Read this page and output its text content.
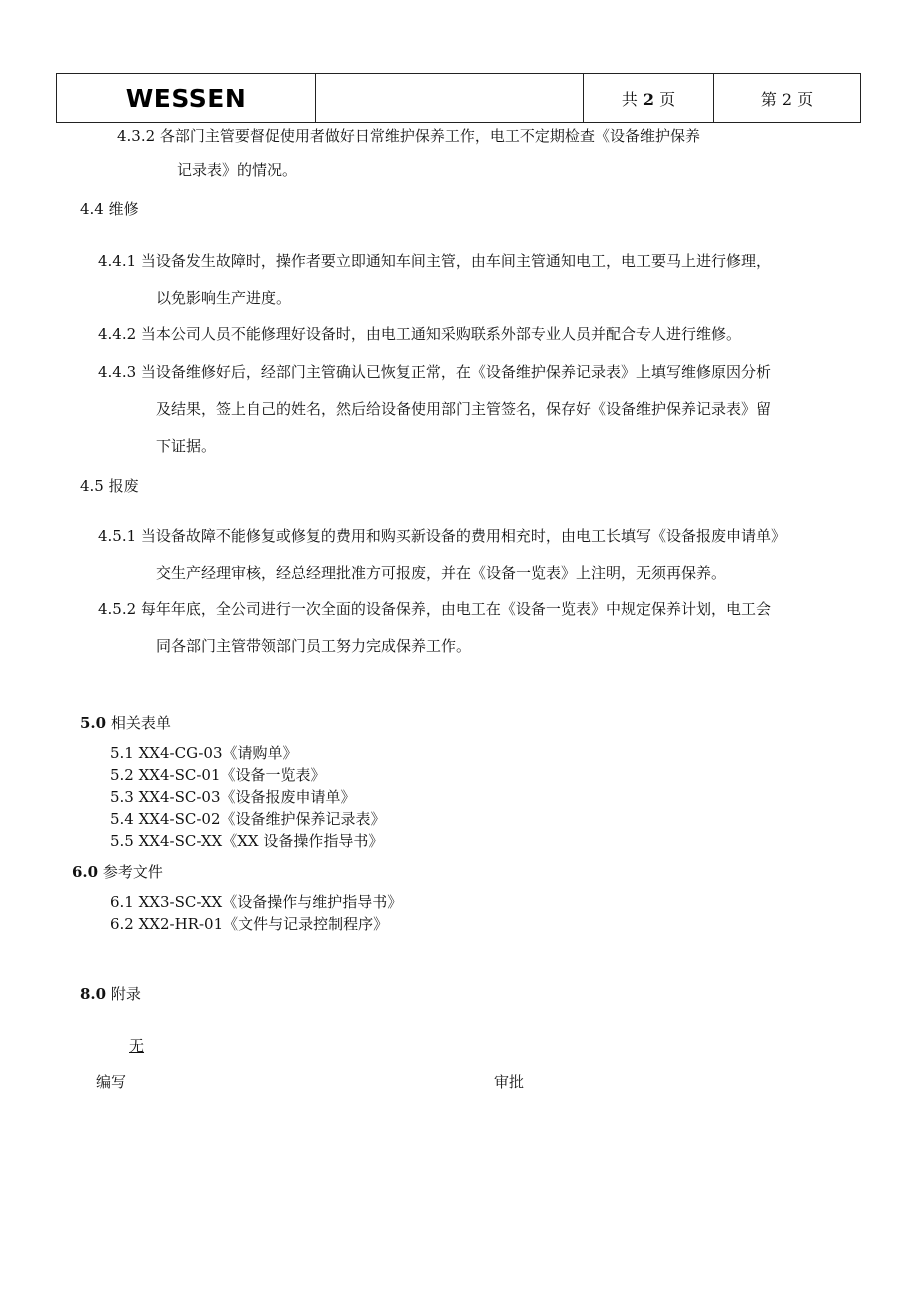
WESSEN		共 2 页	第 2 页
4.3.2 各部门主管要督促使用者做好日常维护保养工作，电工不定期检查《设备维护保养
记录表》的情况。
4.4 维修
4.4.1 当设备发生故障时，操作者要立即通知车间主管，由车间主管通知电工，电工要马上进行修理，
以免影响生产进度。
4.4.2 当本公司人员不能修理好设备时，由电工通知采购联系外部专业人员并配合专人进行维修。
4.4.3 当设备维修好后，经部门主管确认已恢复正常，在《设备维护保养记录表》上填写维修原因分析
及结果，签上自己的姓名，然后给设备使用部门主管签名，保存好《设备维护保养记录表》留
下证据。
4.5 报废
4.5.1 当设备故障不能修复或修复的费用和购买新设备的费用相充时，由电工长填写《设备报废申请单》
交生产经理审核，经总经理批准方可报废，并在《设备一览表》上注明，无须再保养。
4.5.2 每年年底，全公司进行一次全面的设备保养，由电工在《设备一览表》中规定保养计划，电工会
同各部门主管带领部门员工努力完成保养工作。
5.0 相关表单
5.1 XX4-CG-03《请购单》
5.2 XX4-SC-01《设备一览表》
5.3 XX4-SC-03《设备报废申请单》
5.4 XX4-SC-02《设备维护保养记录表》
5.5 XX4-SC-XX《XX 设备操作指导书》
6.0 参考文件
6.1 XX3-SC-XX《设备操作与维护指导书》
6.2 XX2-HR-01《文件与记录控制程序》
8.0 附录
无
编写	审批
